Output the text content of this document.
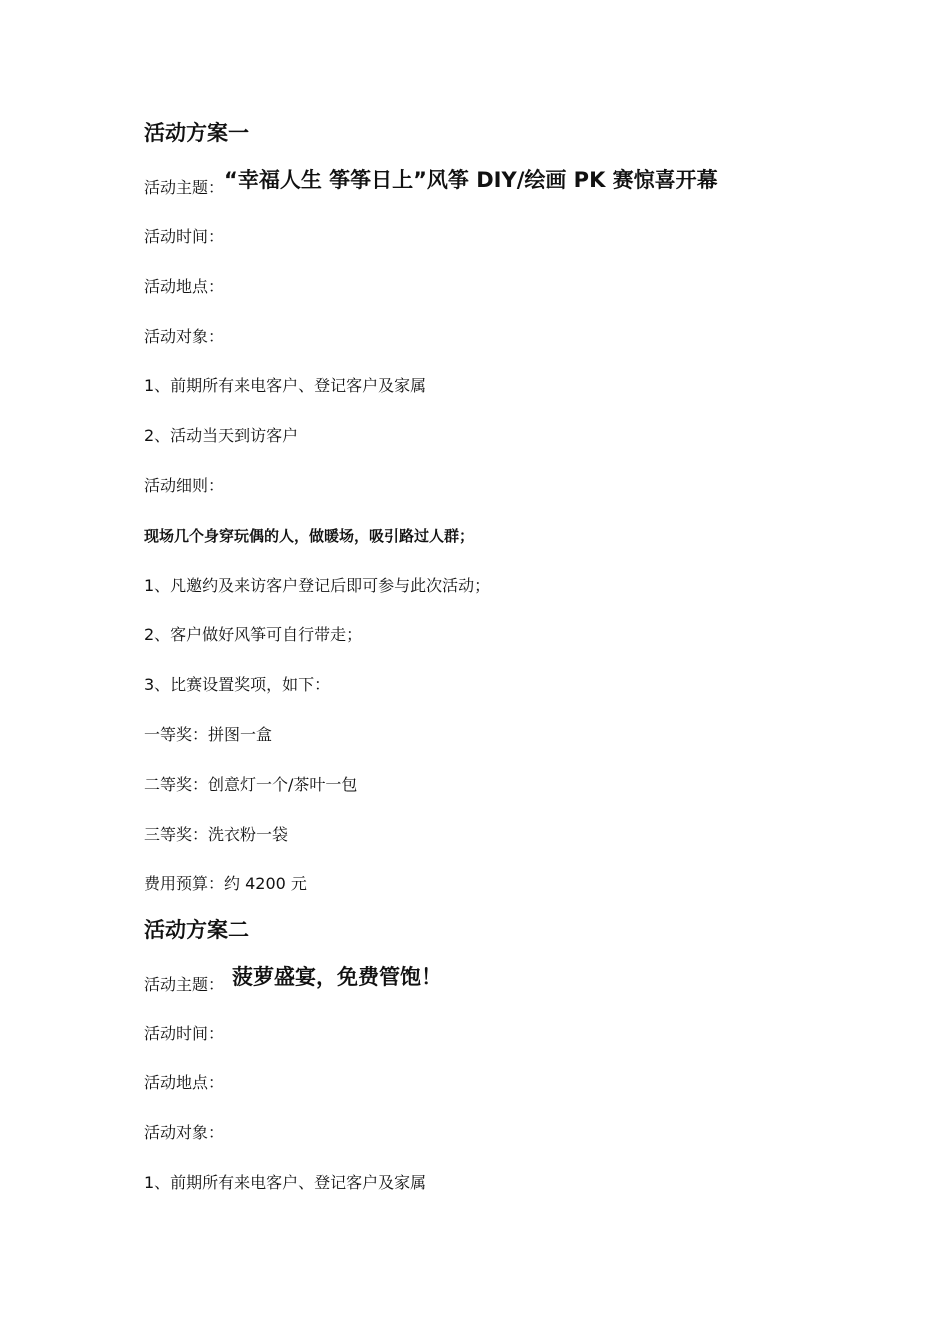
活动方案一
活动主题：“幸福人生 筝筝日上”风筝 DIY/绘画 PK 赛惊喜开幕
活动时间：
活动地点：
活动对象：
1、前期所有来电客户、登记客户及家属
2、活动当天到访客户
活动细则：
现场几个身穿玩偶的人，做暖场，吸引路过人群；
1、凡邀约及来访客户登记后即可参与此次活动；
2、客户做好风筝可自行带走；
3、比赛设置奖项，如下：
一等奖：拼图一盒
二等奖：创意灯一个/茶叶一包
三等奖：洗衣粉一袋
费用预算：约 4200 元
活动方案二
活动主题： 菠萝盛宴，免费管饱！
活动时间：
活动地点：
活动对象：
1、前期所有来电客户、登记客户及家属
